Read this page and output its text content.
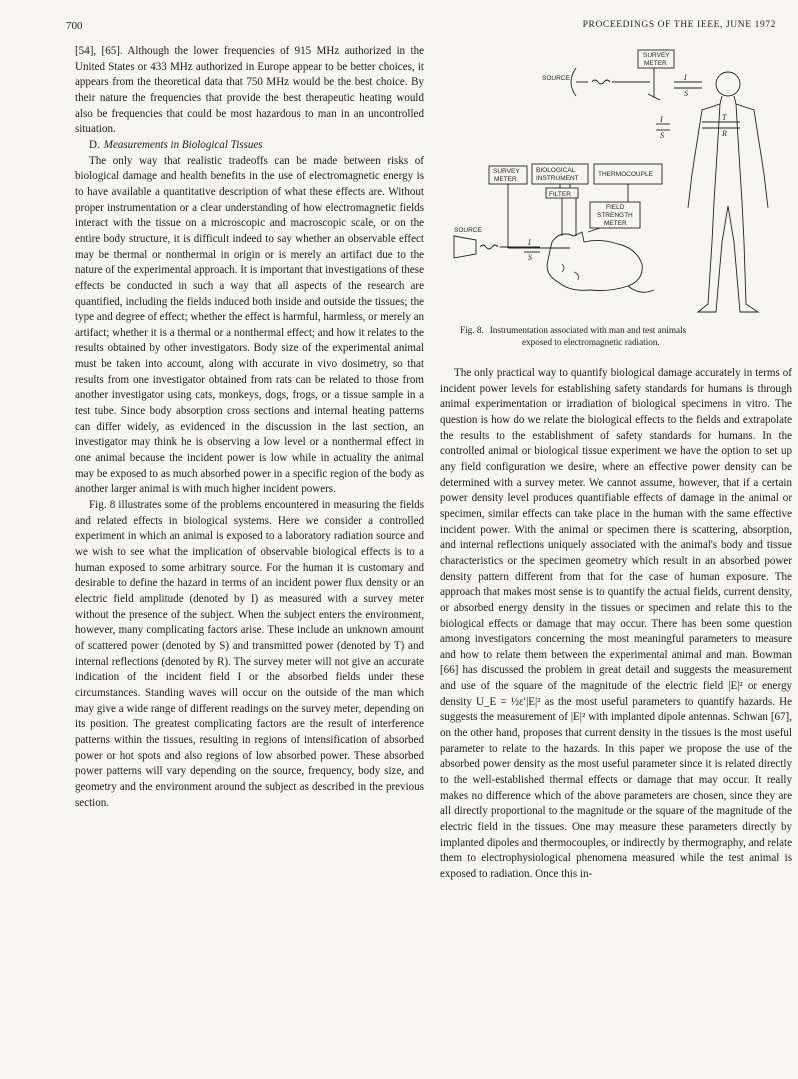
700	PROCEEDINGS OF THE IEEE, JUNE 1972

[54], [65]. Although the lower frequencies of 915 MHz authorized in the United States or 433 MHz authorized in Europe appear to be better choices, it appears from the theoretical data that 750 MHz would be the best choice. By their nature the frequencies that provide the best therapeutic heating would also be frequencies that could be most hazardous to man in an uncontrolled situation.

D. Measurements in Biological Tissues

The only way that realistic tradeoffs can be made between risks of biological damage and health benefits in the use of electromagnetic energy is to have available a quantitative description of what these effects are. Without proper instrumentation or a clear understanding of how electromagnetic fields interact with the tissue on a microscopic and macroscopic scale, or on the entire body structure, it is difficult indeed to say whether an observable effect may be thermal or nonthermal in origin or is merely an artifact due to the nature of the experimental approach. It is important that investigations of these effects be conducted in such a way that all aspects of the research are quantified, including the fields induced both inside and outside the tissues; the type and degree of effect; whether the effect is harmful, harmless, or merely an artifact; whether it is a thermal or a nonthermal effect; and how it relates to the results obtained by other investigators. Body size of the experimental animal must be taken into account, along with accurate in vivo dosimetry, so that results from one investigator obtained from rats can be related to those from another investigator using cats, monkeys, dogs, frogs, or a tissue sample in a test tube. Since body absorption cross sections and internal heating patterns can differ widely, as evidenced in the discussion in the last section, an investigator may think he is observing a low level or a nonthermal effect in one animal because the incident power is low while in actuality the animal may be exposed to as much absorbed power in a specific region of the body as another larger animal is with much higher incident powers.

Fig. 8 illustrates some of the problems encountered in measuring the fields and related effects in biological systems. Here we consider a controlled experiment in which an animal is exposed to a laboratory radiation source and we wish to see what the implication of observable biological effects is to a human exposed to some arbitrary source. For the human it is customary and desirable to define the hazard in terms of an incident power flux density or an electric field amplitude (denoted by I) as measured with a survey meter without the presence of the subject. When the subject enters the environment, however, many complicating factors arise. These include an unknown amount of scattered power (denoted by S) and transmitted power (denoted by T) and internal reflections (denoted by R). The survey meter will not give an accurate indication of the incident field I or the absorbed fields under these circumstances. Standing waves will occur on the outside of the man which may give a wide range of different readings on the survey meter, depending on its position. The greatest complicating factors are the result of interference patterns within the tissues, resulting in regions of intensification of absorbed power or hot spots and also regions of low absorbed power. These absorbed power patterns will vary depending on the source, frequency, body size, and geometry and the environment around the subject as described in the previous section.

SOURCE
SURVEY
METER
SURVEY
METER
BIOLOGICAL
INSTRUMENT
THERMOCOUPLE
FILTER
FIELD
STRENGTH
METER
SOURCE
I
S
I
S
T
R
I
S
Fig. 8. Instrumentation associated with man and test animals
exposed to electromagnetic radiation.

The only practical way to quantify biological damage accurately in terms of incident power levels for establishing safety standards for humans is through animal experimentation or irradiation of biological specimens in vitro. The question is how do we relate the biological effects to the fields and extrapolate the results to the establishment of safety standards for humans. In the controlled animal or biological tissue experiment we have the option to set up any field configuration we desire, where an effective power density can be determined with a survey meter. We cannot assume, however, that if a certain power density level produces quantifiable effects of damage in the animal or specimen, similar effects can take place in the human with the same effective incident power. With the animal or specimen there is scattering, absorption, and internal reflections uniquely associated with the animal's body and tissue characteristics or the specimen geometry which result in an absorbed power density pattern different from that for the case of human exposure. The approach that makes most sense is to quantify the actual fields, current density, or absorbed energy density in the tissues or specimen and relate this to the biological effects or damage that may occur. There has been some question among investigators concerning the most meaningful parameters to measure and how to relate them between the experimental animal and man. Bowman [66] has discussed the problem in great detail and suggests the measurement and use of the square of the magnitude of the electric field |E|² or energy density U_E = ½ε′|E|² as the most useful parameters to quantify hazards. He suggests the measurement of |E|² with implanted dipole antennas. Schwan [67], on the other hand, proposes that current density in the tissues is the most useful parameter to relate to the hazards. In this paper we propose the use of the absorbed power density as the most useful parameter since it is related directly to the well-established thermal effects or damage that may occur. It really makes no difference which of the above parameters are chosen, since they are all directly proportional to the magnitude or the square of the magnitude of the electric field in the tissues. One may measure these parameters directly by implanted dipoles and thermocouples, or indirectly by thermography, and relate them to electrophysiological phenomena measured while the test animal is exposed to radiation. Once this in-
